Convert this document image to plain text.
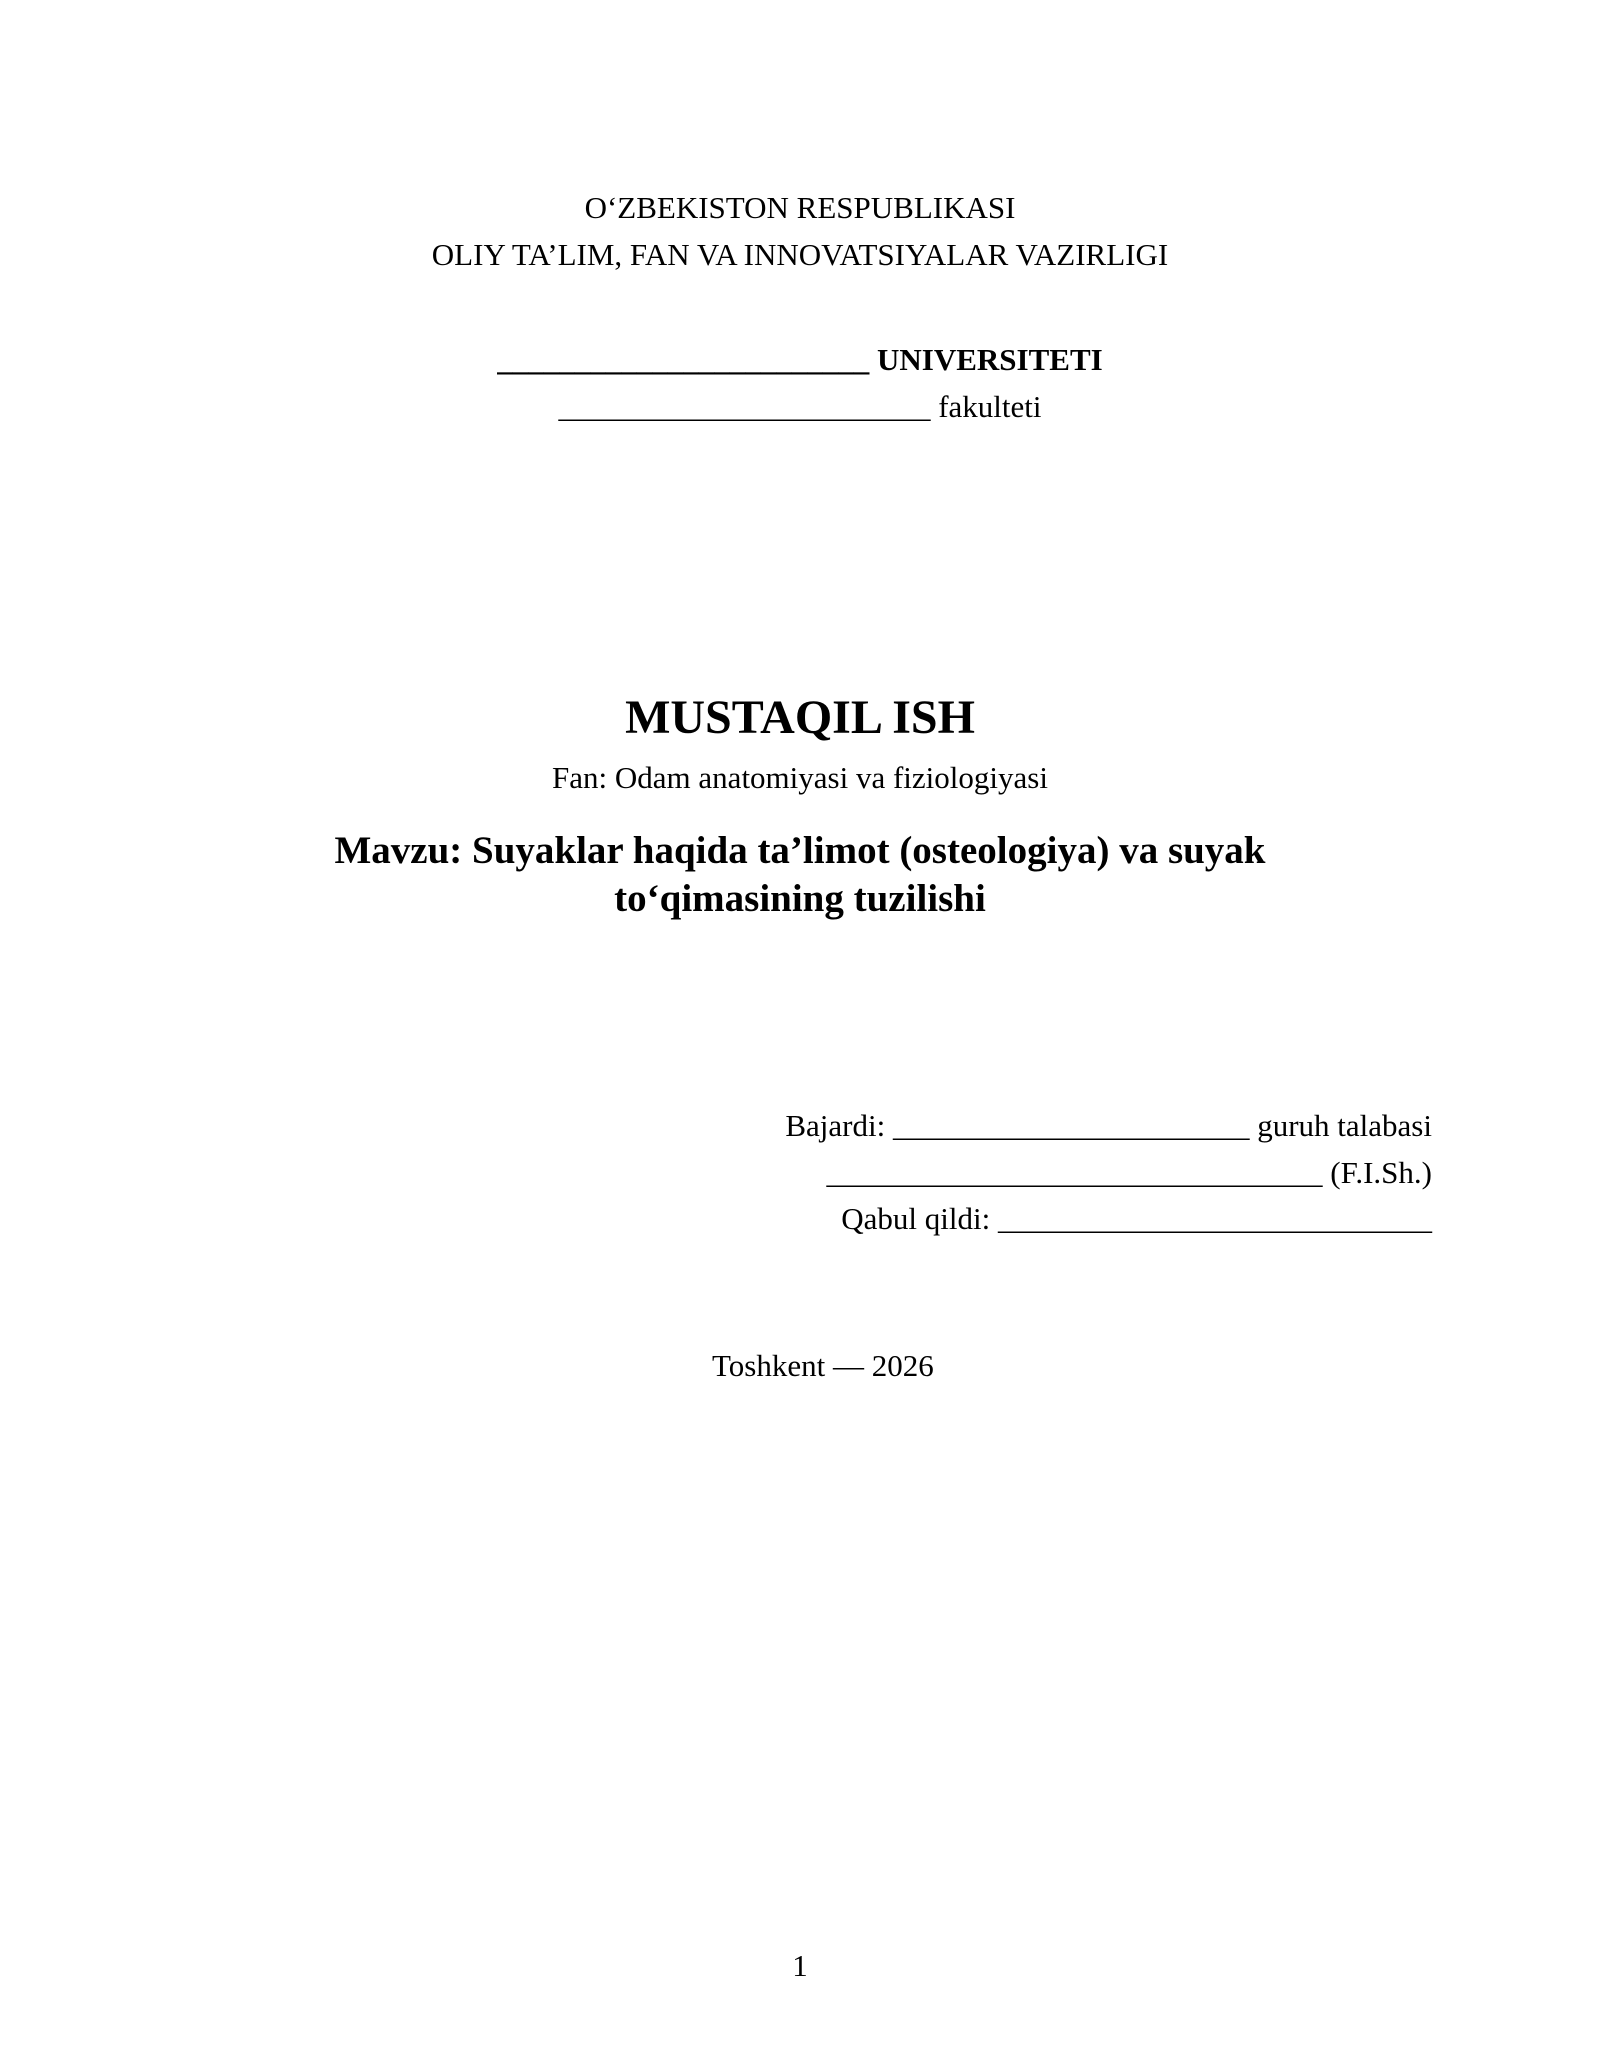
O‘ZBEKISTON RESPUBLIKASI
OLIY TA’LIM, FAN VA INNOVATSIYALAR VAZIRLIGI
________________________ UNIVERSITETI
________________________ fakulteti
MUSTAQIL ISH
Fan: Odam anatomiyasi va fiziologiyasi
Mavzu: Suyaklar haqida ta’limot (osteologiya) va suyak
to‘qimasining tuzilishi
Bajardi: _______________________ guruh talabasi
________________________________ (F.I.Sh.)
Qabul qildi: ____________________________
Toshkent — 2026
1
